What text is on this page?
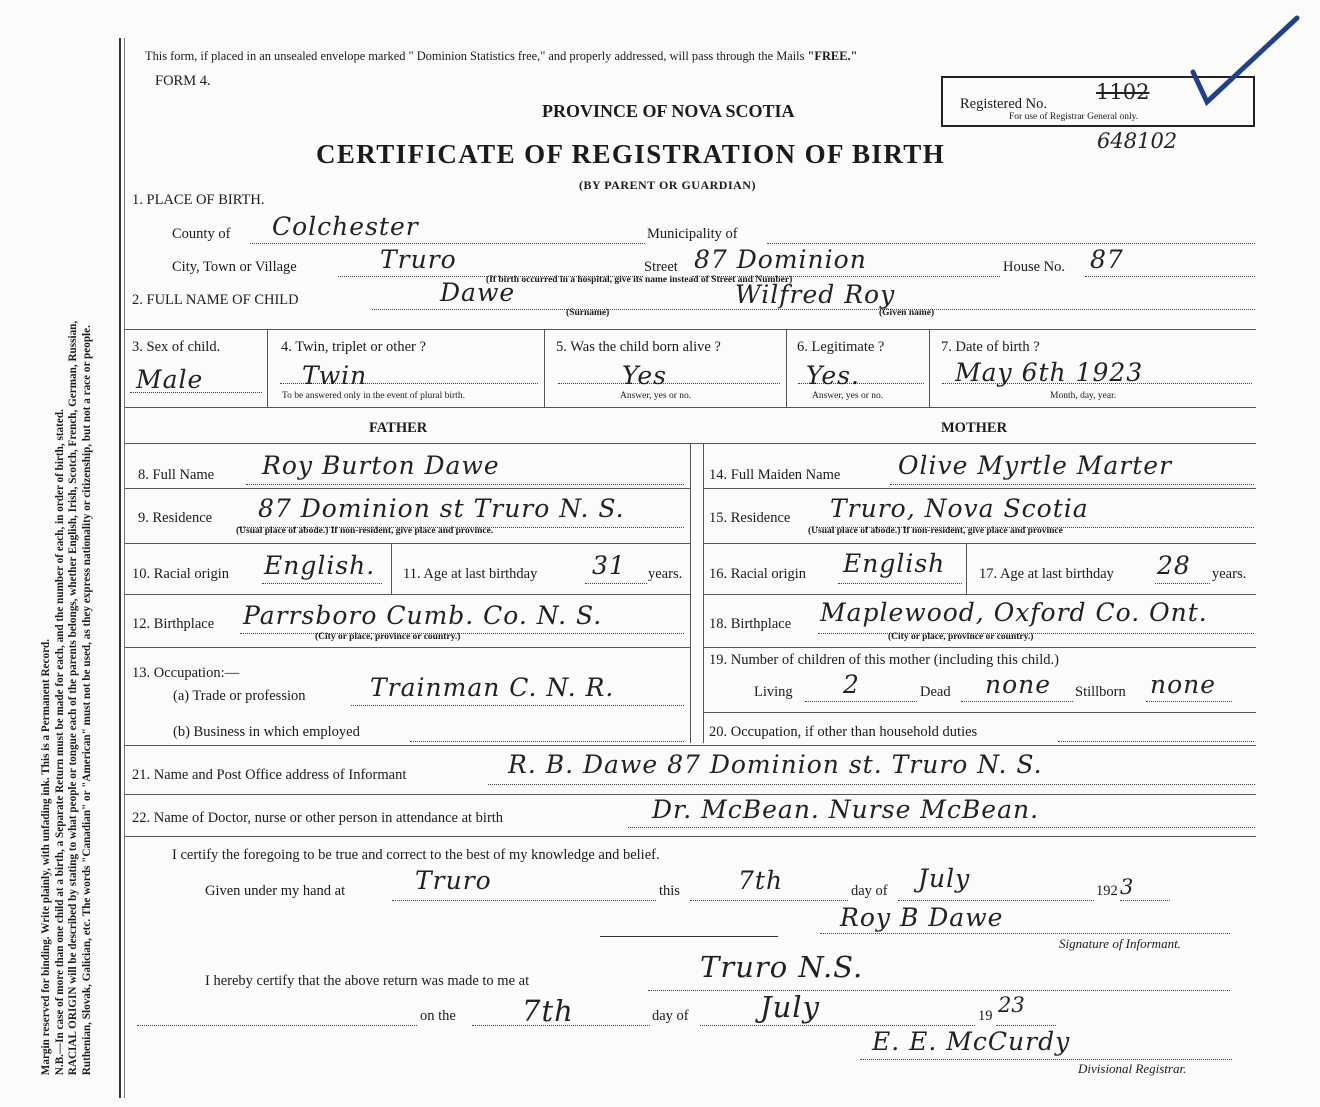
Margin reserved for binding. Write plainly, with unfading ink. This is a Permanent Record. N.B.—In case of more than one child at a birth, a Separate Return must be made for each, and the number of each, in order of birth, stated. RACIAL ORIGIN will be described by stating to what people or tongue each of the parents belongs, whether English, Irish, Scotch, French, German, Russian, Ruthenian, Slovak, Galician, etc. The words "Canadian" or "American" must not be used, as they express nationality or citizenship, but not a race or people.
This form, if placed in an unsealed envelope marked " Dominion Statistics free," and properly addressed, will pass through the Mails "FREE."
FORM 4.
PROVINCE OF NOVA SCOTIA
CERTIFICATE OF REGISTRATION OF BIRTH
(BY PARENT OR GUARDIAN)
Registered No. 1102
For use of Registrar General only.
648102
1. PLACE OF BIRTH.
County of Colchester	Municipality of
City, Town or Village	Truro	Street 87 Dominion	House No. 87
(If birth occurred in a hospital, give its name instead of Street and Number)
2. FULL NAME OF CHILD	Dawe	Wilfred Roy
(Surname)	(Given name)
3. Sex of child.
Male
4. Twin, triplet or other ?
Twin
To be answered only in the event of plural birth.
5. Was the child born alive ?
Yes
Answer, yes or no.
6. Legitimate ?
Yes.
Answer, yes or no.
7. Date of birth ?
May 6th 1923
Month, day, year.
FATHER	MOTHER
8. Full Name Roy Burton Dawe
9. Residence 87 Dominion st Truro N. S.
(Usual place of abode.) If non-resident, give place and province.
10. Racial origin English. 11. Age at last birthday 31 years.
12. Birthplace Parrsboro Cumb. Co. N. S.
(City or place, province or country.)
13. Occupation:—
(a) Trade or profession	Trainman C. N. R.
(b) Business in which employed
14. Full Maiden Name Olive Myrtle Marter
15. Residence Truro, Nova Scotia
(Usual place of abode.) If non-resident, give place and province
16. Racial origin English 17. Age at last birthday 28 years.
18. Birthplace Maplewood, Oxford Co. Ont.
(City or place, province or country.)
19. Number of children of this mother (including this child.)
Living 2	Dead none Stillborn none
20. Occupation, if other than household duties
21. Name and Post Office address of Informant	R. B. Dawe 87 Dominion st. Truro N. S.
22. Name of Doctor, nurse or other person in attendance at birth	Dr. McBean. Nurse McBean.
I certify the foregoing to be true and correct to the best of my knowledge and belief.
Given under my hand at	Truro	this 7th	day of July	192 3
Roy B Dawe
Signature of Informant.
I hereby certify that the above return was made to me at	Truro N.S.
on the 7th	day of July	19 23
E. E. McCurdy
Divisional Registrar.
